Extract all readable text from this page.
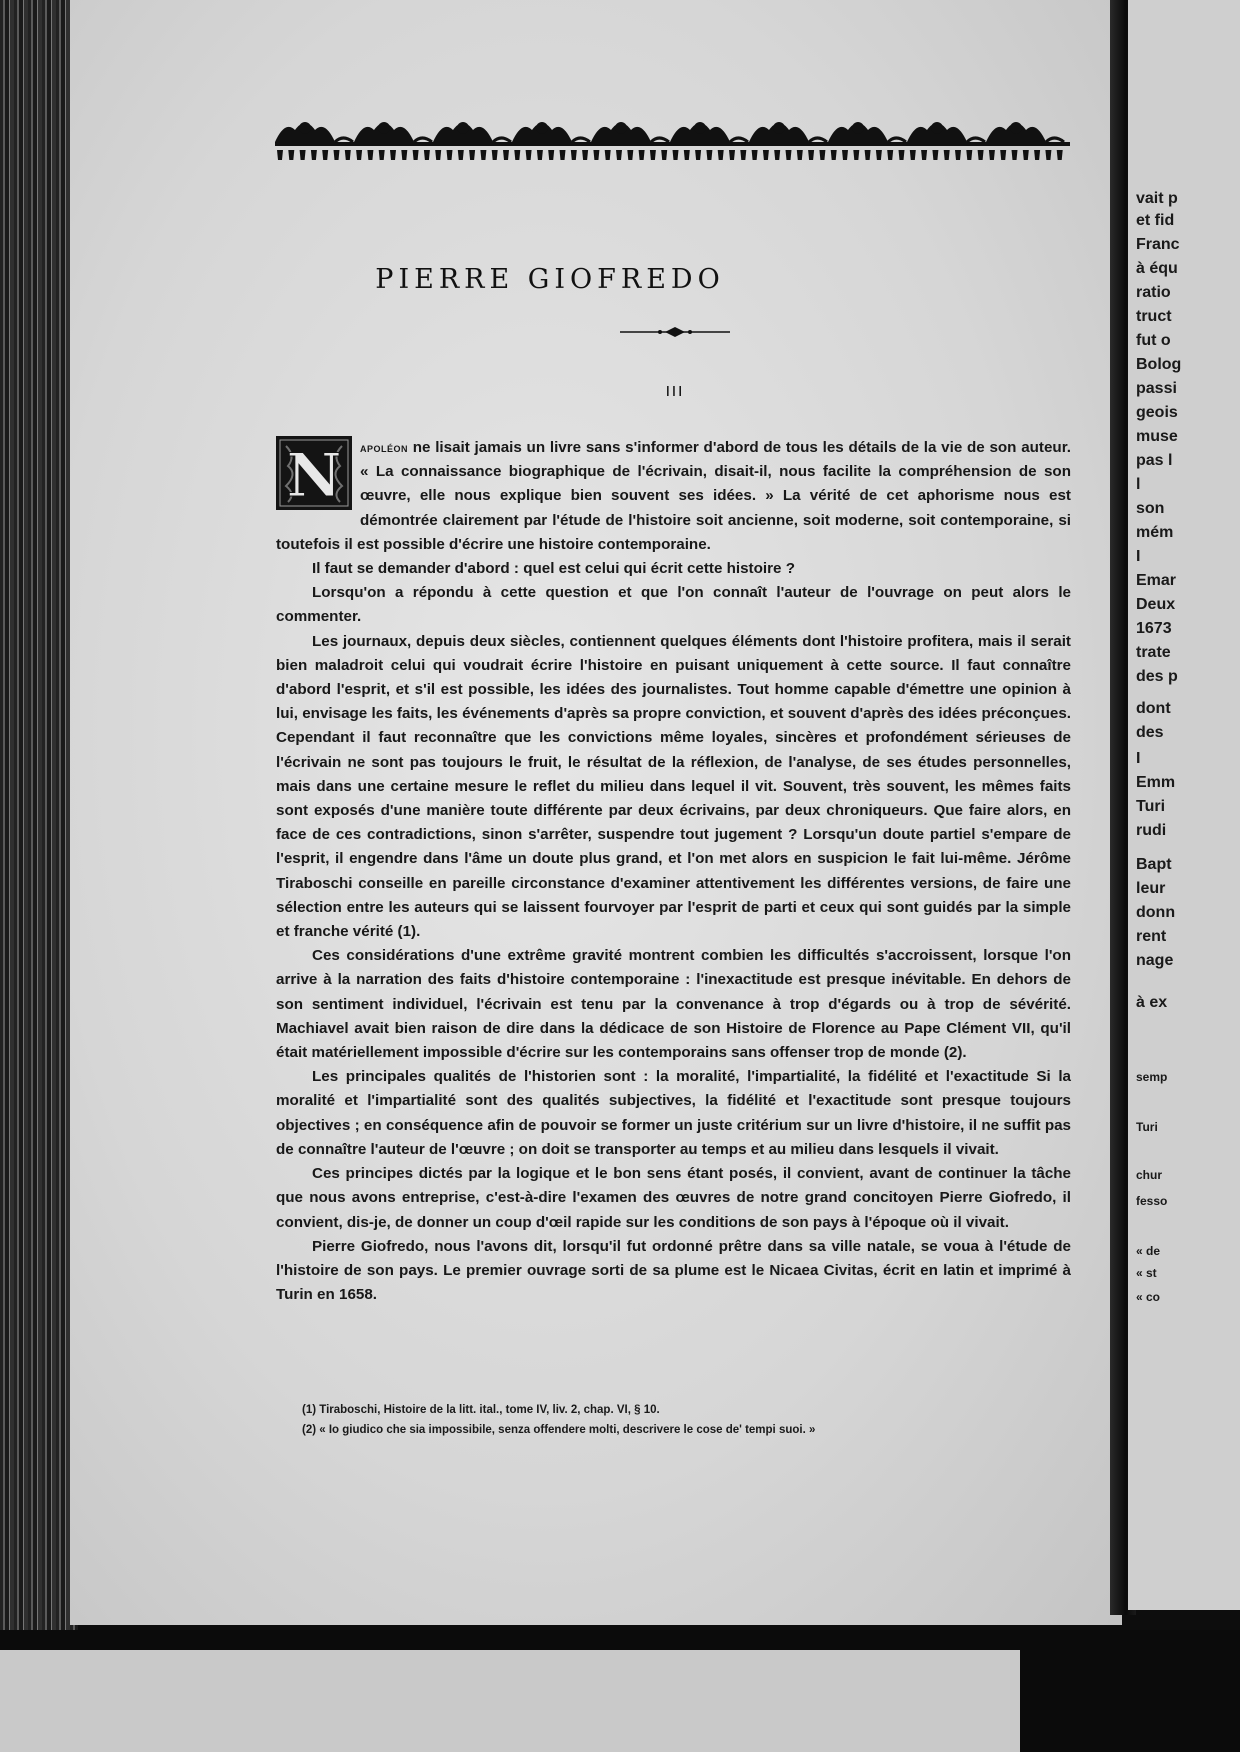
vait p
et fid
Franc
à équ
ratio
truct
fut o
Bolog
passi
geois
muse
pas l
l
son
mém
I
Emar
Deux
1673
trate
des p
dont
des
I
Emm
Turi
rudi
Bapt
leur
donn
rent
nage
à ex
semp
Turi
chur
fesso
« de
« st
« co
PIERRE GIOFREDO
III

N apoléon ne lisait jamais un livre sans s'informer d'abord de tous les détails de la vie de son auteur. « La connaissance biographique de l'écrivain, disait-il, nous facilite la compréhension de son œuvre, elle nous explique bien souvent ses idées. » La vérité de cet aphorisme nous est démontrée clairement par l'étude de l'histoire soit ancienne, soit moderne, soit contemporaine, si toutefois il est possible d'écrire une histoire contemporaine.

Il faut se demander d'abord : quel est celui qui écrit cette histoire ?

Lorsqu'on a répondu à cette question et que l'on connaît l'auteur de l'ouvrage on peut alors le commenter.

Les journaux, depuis deux siècles, contiennent quelques éléments dont l'histoire profitera, mais il serait bien maladroit celui qui voudrait écrire l'histoire en puisant uniquement à cette source. Il faut connaître d'abord l'esprit, et s'il est possible, les idées des journalistes. Tout homme capable d'émettre une opinion à lui, envisage les faits, les événements d'après sa propre conviction, et souvent d'après des idées préconçues. Cependant il faut reconnaître que les convictions même loyales, sincères et profondément sérieuses de l'écrivain ne sont pas toujours le fruit, le résultat de la réflexion, de l'analyse, de ses études personnelles, mais dans une certaine mesure le reflet du milieu dans lequel il vit. Souvent, très souvent, les mêmes faits sont exposés d'une manière toute différente par deux écrivains, par deux chroniqueurs. Que faire alors, en face de ces contradictions, sinon s'arrêter, suspendre tout jugement ? Lorsqu'un doute partiel s'empare de l'esprit, il engendre dans l'âme un doute plus grand, et l'on met alors en suspicion le fait lui-même. Jérôme Tiraboschi conseille en pareille circonstance d'examiner attentivement les différentes versions, de faire une sélection entre les auteurs qui se laissent fourvoyer par l'esprit de parti et ceux qui sont guidés par la simple et franche vérité (1).

Ces considérations d'une extrême gravité montrent combien les difficultés s'accroissent, lorsque l'on arrive à la narration des faits d'histoire contemporaine : l'inexactitude est presque inévitable. En dehors de son sentiment individuel, l'écrivain est tenu par la convenance à trop d'égards ou à trop de sévérité. Machiavel avait bien raison de dire dans la dédicace de son Histoire de Florence au Pape Clément VII, qu'il était matériellement impossible d'écrire sur les contemporains sans offenser trop de monde (2).

Les principales qualités de l'historien sont : la moralité, l'impartialité, la fidélité et l'exactitude Si la moralité et l'impartialité sont des qualités subjectives, la fidélité et l'exactitude sont presque toujours objectives ; en conséquence afin de pouvoir se former un juste critérium sur un livre d'histoire, il ne suffit pas de connaître l'auteur de l'œuvre ; on doit se transporter au temps et au milieu dans lesquels il vivait.

Ces principes dictés par la logique et le bon sens étant posés, il convient, avant de continuer la tâche que nous avons entreprise, c'est-à-dire l'examen des œuvres de notre grand concitoyen Pierre Giofredo, il convient, dis-je, de donner un coup d'œil rapide sur les conditions de son pays à l'époque où il vivait.

Pierre Giofredo, nous l'avons dit, lorsqu'il fut ordonné prêtre dans sa ville natale, se voua à l'étude de l'histoire de son pays. Le premier ouvrage sorti de sa plume est le Nicaea Civitas, écrit en latin et imprimé à Turin en 1658.

(1) Tiraboschi, Histoire de la litt. ital., tome IV, liv. 2, chap. VI, § 10.
(2) « Io giudico che sia impossibile, senza offendere molti, descrivere le cose de' tempi suoi. »
